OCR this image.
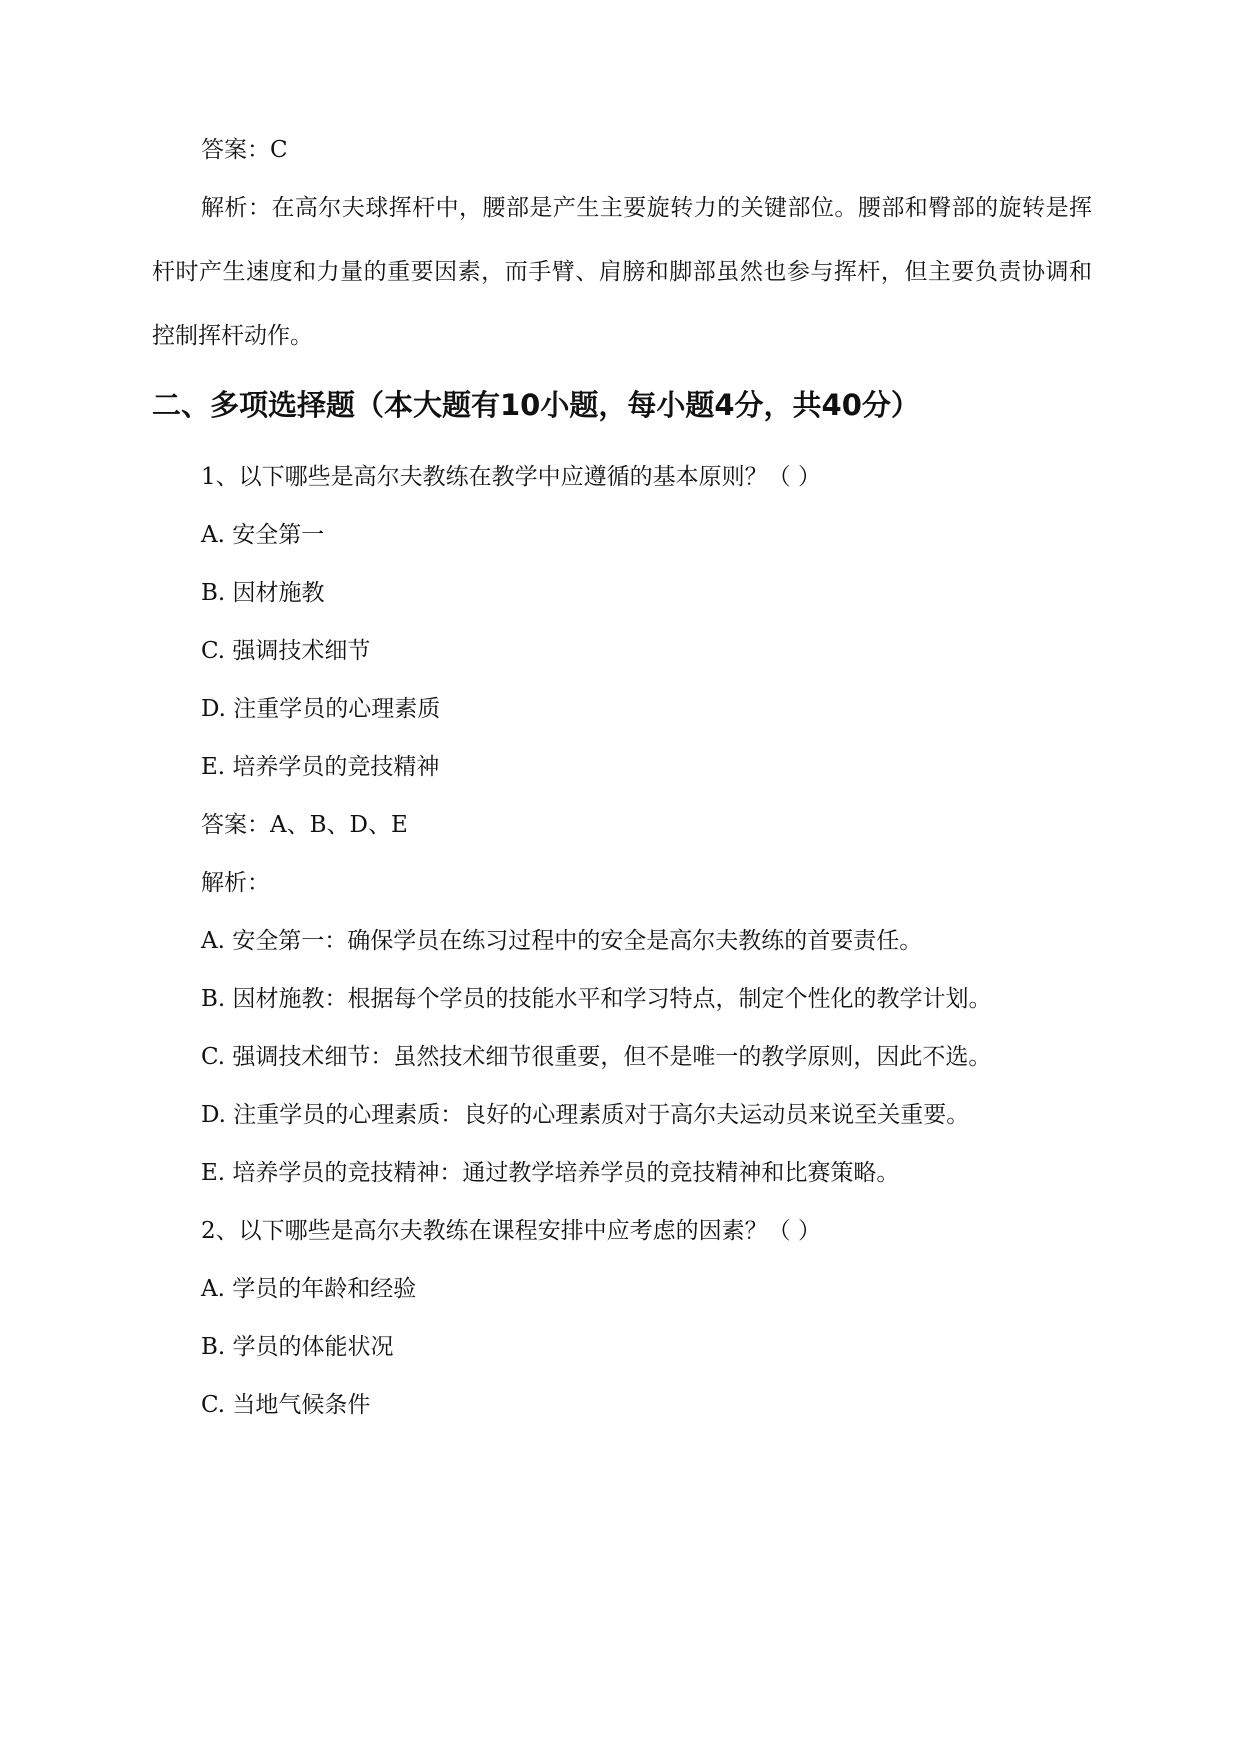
答案：C
解析：在高尔夫球挥杆中，腰部是产生主要旋转力的关键部位。腰部和臀部的旋转是挥杆时产生速度和力量的重要因素，而手臂、肩膀和脚部虽然也参与挥杆，但主要负责协调和控制挥杆动作。
二、多项选择题（本大题有10小题，每小题4分，共40分）
1、以下哪些是高尔夫教练在教学中应遵循的基本原则？（ ）
A. 安全第一
B. 因材施教
C. 强调技术细节
D. 注重学员的心理素质
E. 培养学员的竞技精神
答案：A、B、D、E
解析：
A. 安全第一：确保学员在练习过程中的安全是高尔夫教练的首要责任。
B. 因材施教：根据每个学员的技能水平和学习特点，制定个性化的教学计划。
C. 强调技术细节：虽然技术细节很重要，但不是唯一的教学原则，因此不选。
D. 注重学员的心理素质：良好的心理素质对于高尔夫运动员来说至关重要。
E. 培养学员的竞技精神：通过教学培养学员的竞技精神和比赛策略。
2、以下哪些是高尔夫教练在课程安排中应考虑的因素？（ ）
A. 学员的年龄和经验
B. 学员的体能状况
C. 当地气候条件
